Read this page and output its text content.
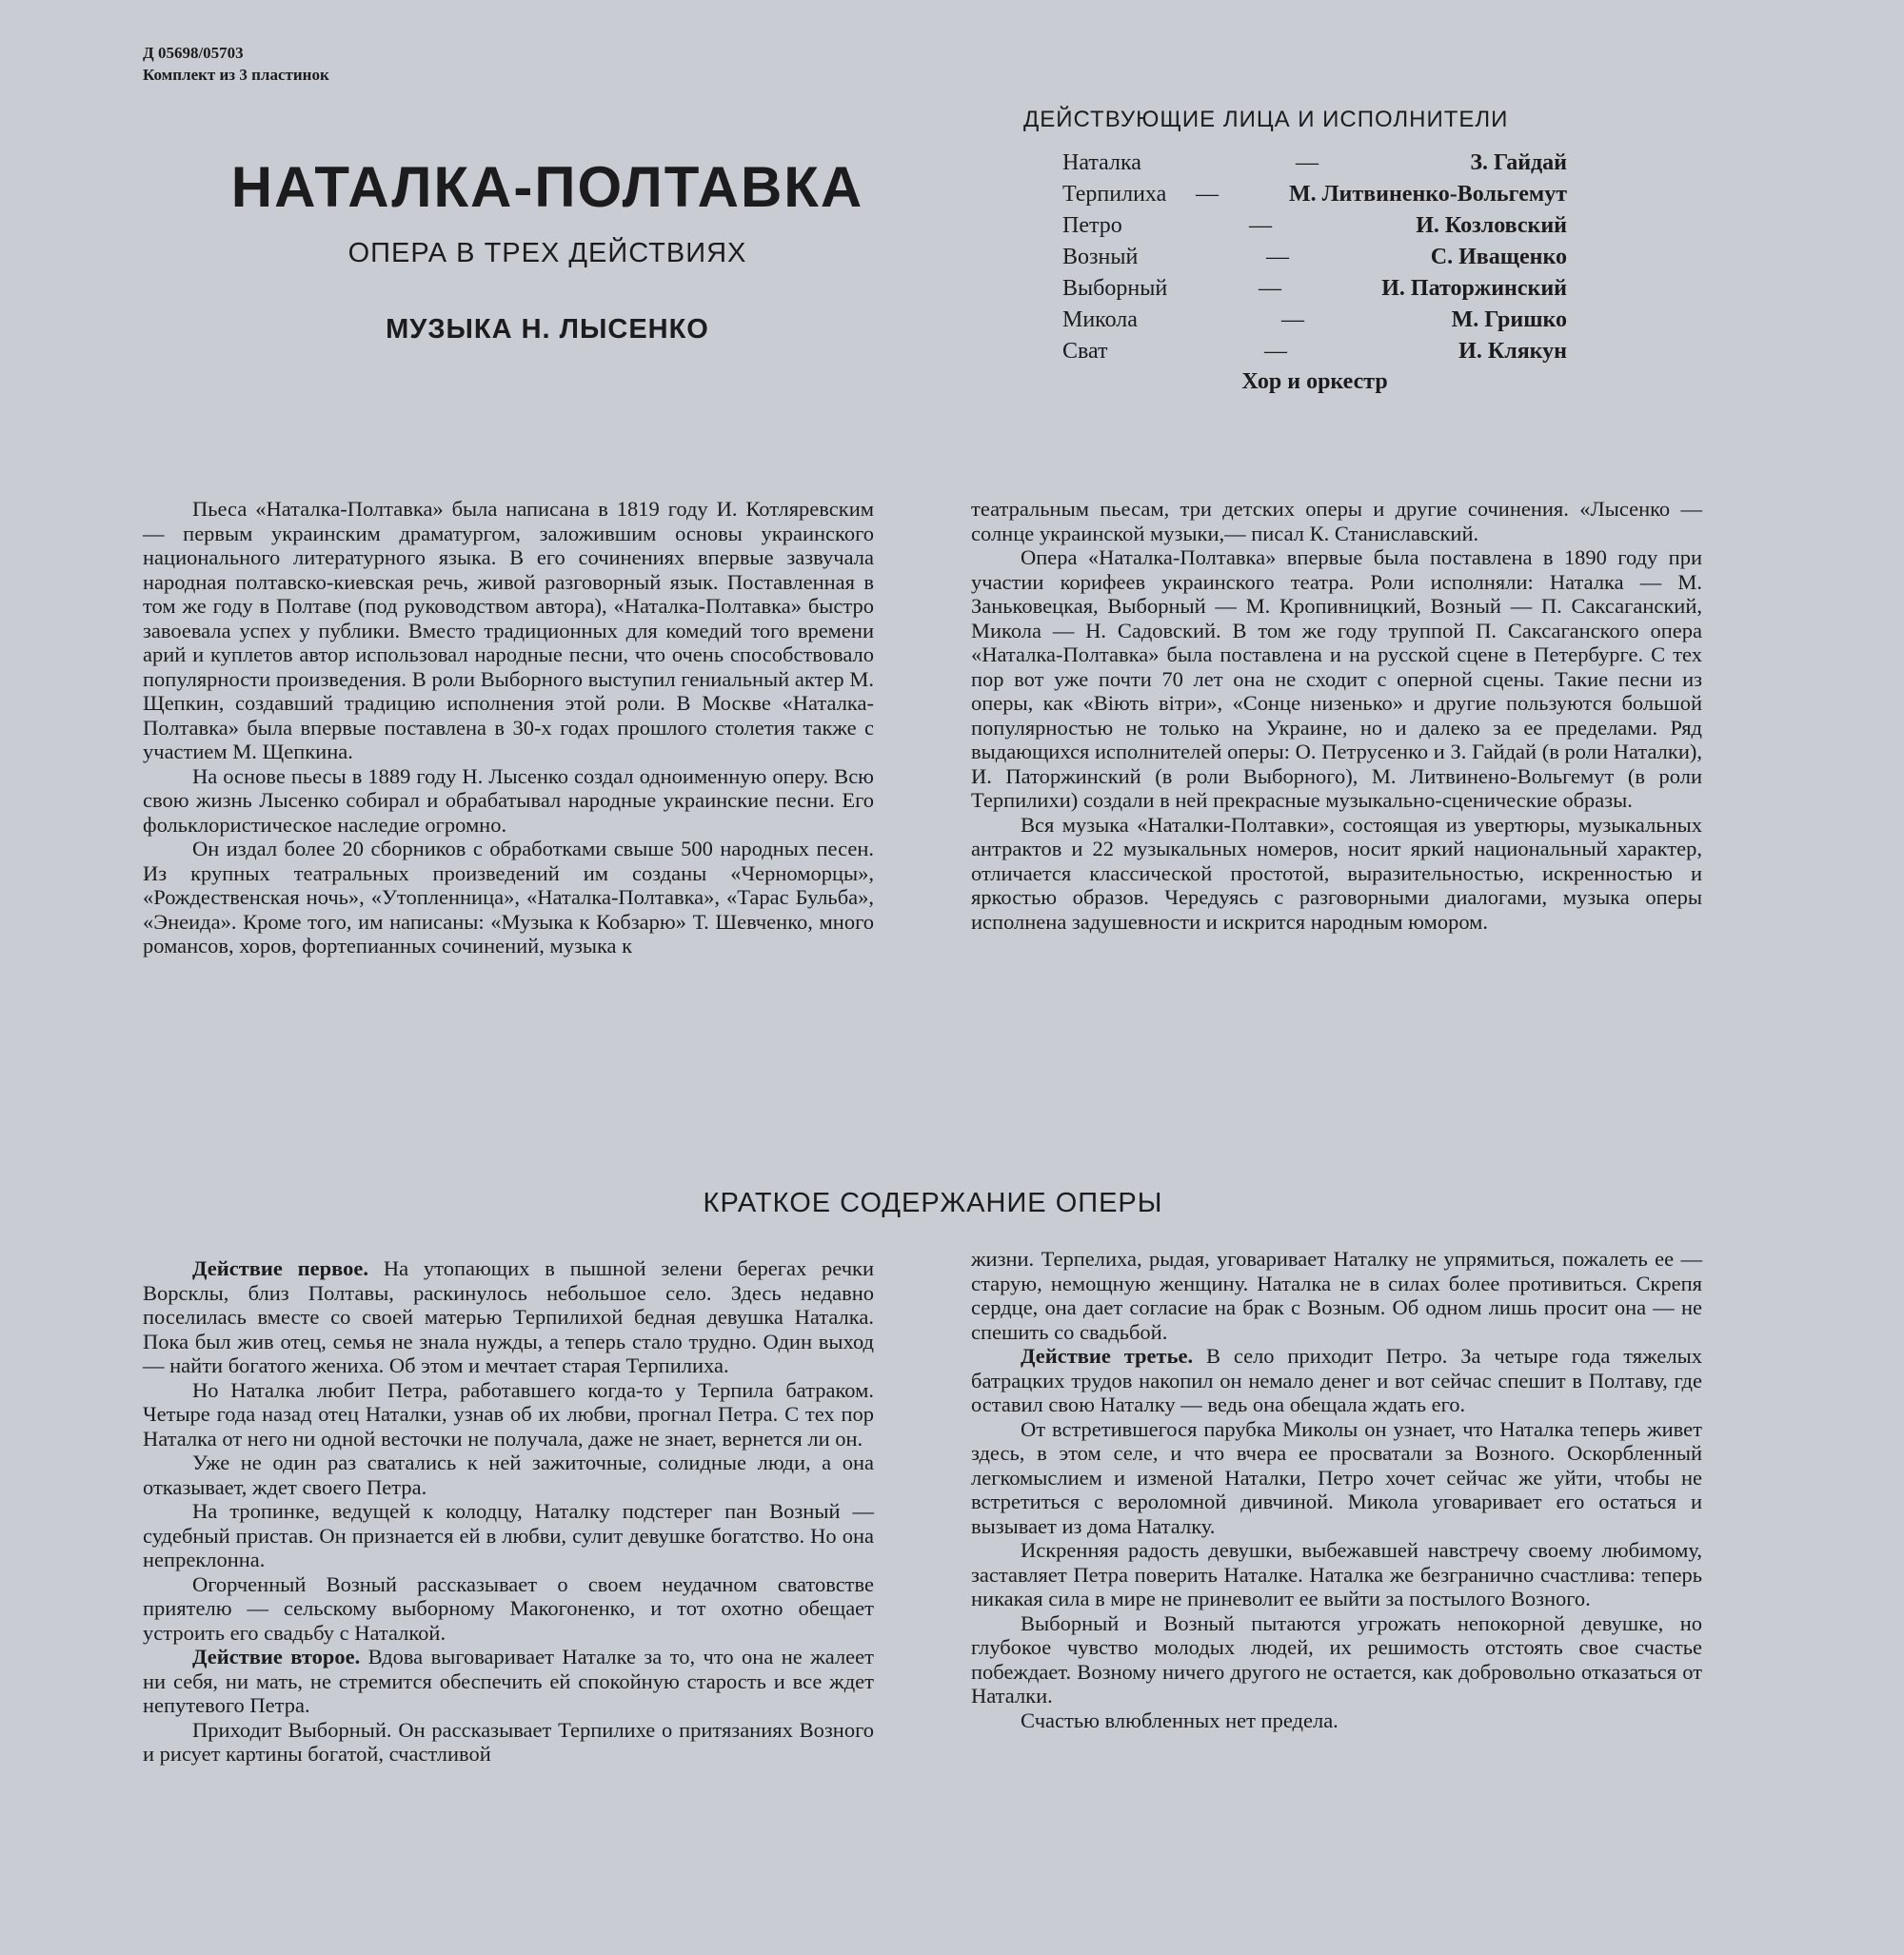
Д 05698/05703
Комплект из 3 пластинок
НАТАЛКА-ПОЛТАВКА
ОПЕРА В ТРЕХ ДЕЙСТВИЯХ
МУЗЫКА Н. ЛЫСЕНКО
ДЕЙСТВУЮЩИЕ ЛИЦА И ИСПОЛНИТЕЛИ
Наталка	—	З. Гайдай
Терпилиха —	М. Литвиненко-Вольгемут
Петро	—	И. Козловский
Возный	—	С. Иващенко
Выборный	—	И. Паторжинский
Микола	—	М. Гришко
Сват	—	И. Клякун
Хор и оркестр

Пьеса «Наталка-Полтавка» была написана в 1819 году И. Котляревским — первым украинским драматургом, заложившим основы украинского национального литературного языка. В его сочинениях впервые зазвучала народная полтавско-киевская речь, живой разговорный язык. Поставленная в том же году в Полтаве (под руководством автора), «Наталка-Полтавка» быстро завоевала успех у публики. Вместо традиционных для комедий того времени арий и куплетов автор использовал народные песни, что очень способствовало популярности произведения. В роли Выборного выступил гениальный актер М. Щепкин, создавший традицию исполнения этой роли. В Москве «Наталка-Полтавка» была впервые поставлена в 30-х годах прошлого столетия также с участием М. Щепкина.

На основе пьесы в 1889 году Н. Лысенко создал одноименную оперу. Всю свою жизнь Лысенко собирал и обрабатывал народные украинские песни. Его фольклористическое наследие огромно.

Он издал более 20 сборников с обработками свыше 500 народных песен. Из крупных театральных произведений им созданы «Черноморцы», «Рождественская ночь», «Утопленница», «Наталка-Полтавка», «Тарас Бульба», «Энеида». Кроме того, им написаны: «Музыка к Кобзарю» Т. Шевченко, много романсов, хоров, фортепианных сочинений, музыка к

театральным пьесам, три детских оперы и другие сочинения. «Лысенко — солнце украинской музыки,— писал К. Станиславский.

Опера «Наталка-Полтавка» впервые была поставлена в 1890 году при участии корифеев украинского театра. Роли исполняли: Наталка — М. Заньковецкая, Выборный — М. Кропивницкий, Возный — П. Саксаганский, Микола — Н. Садовский. В том же году труппой П. Саксаганского опера «Наталка-Полтавка» была поставлена и на русской сцене в Петербурге. С тех пор вот уже почти 70 лет она не сходит с оперной сцены. Такие песни из оперы, как «Віють вітри», «Сонце низенько» и другие пользуются большой популярностью не только на Украине, но и далеко за ее пределами. Ряд выдающихся исполнителей оперы: О. Петрусенко и З. Гайдай (в роли Наталки), И. Паторжинский (в роли Выборного), М. Литвинено-Вольгемут (в роли Терпилихи) создали в ней прекрасные музыкально-сценические образы.

Вся музыка «Наталки-Полтавки», состоящая из увертюры, музыкальных антрактов и 22 музыкальных номеров, носит яркий национальный характер, отличается классической простотой, выразительностью, искренностью и яркостью образов. Чередуясь с разговорными диалогами, музыка оперы исполнена задушевности и искрится народным юмором.

КРАТКОЕ СОДЕРЖАНИЕ ОПЕРЫ

Действие первое. На утопающих в пышной зелени берегах речки Ворсклы, близ Полтавы, раскинулось небольшое село. Здесь недавно поселилась вместе со своей матерью Терпилихой бедная девушка Наталка. Пока был жив отец, семья не знала нужды, а теперь стало трудно. Один выход — найти богатого жениха. Об этом и мечтает старая Терпилиха.

Но Наталка любит Петра, работавшего когда-то у Терпила батраком. Четыре года назад отец Наталки, узнав об их любви, прогнал Петра. С тех пор Наталка от него ни одной весточки не получала, даже не знает, вернется ли он.

Уже не один раз сватались к ней зажиточные, солидные люди, а она отказывает, ждет своего Петра.

На тропинке, ведущей к колодцу, Наталку подстерег пан Возный — судебный пристав. Он признается ей в любви, сулит девушке богатство. Но она непреклонна.

Огорченный Возный рассказывает о своем неудачном сватовстве приятелю — сельскому выборному Макогоненко, и тот охотно обещает устроить его свадьбу с Наталкой.

Действие второе. Вдова выговаривает Наталке за то, что она не жалеет ни себя, ни мать, не стремится обеспечить ей спокойную старость и все ждет непутевого Петра.

Приходит Выборный. Он рассказывает Терпилихе о притязаниях Возного и рисует картины богатой, счастливой

жизни. Терпелиха, рыдая, уговаривает Наталку не упрямиться, пожалеть ее — старую, немощную женщину. Наталка не в силах более противиться. Скрепя сердце, она дает согласие на брак с Возным. Об одном лишь просит она — не спешить со свадьбой.

Действие третье. В село приходит Петро. За четыре года тяжелых батрацких трудов накопил он немало денег и вот сейчас спешит в Полтаву, где оставил свою Наталку — ведь она обещала ждать его.

От встретившегося парубка Миколы он узнает, что Наталка теперь живет здесь, в этом селе, и что вчера ее просватали за Возного. Оскорбленный легкомыслием и изменой Наталки, Петро хочет сейчас же уйти, чтобы не встретиться с вероломной дивчиной. Микола уговаривает его остаться и вызывает из дома Наталку.

Искренняя радость девушки, выбежавшей навстречу своему любимому, заставляет Петра поверить Наталке. Наталка же безгранично счастлива: теперь никакая сила в мире не приневолит ее выйти за постылого Возного.

Выборный и Возный пытаются угрожать непокорной девушке, но глубокое чувство молодых людей, их решимость отстоять свое счастье побеждает. Возному ничего другого не остается, как добровольно отказаться от Наталки.

Счастью влюбленных нет предела.
